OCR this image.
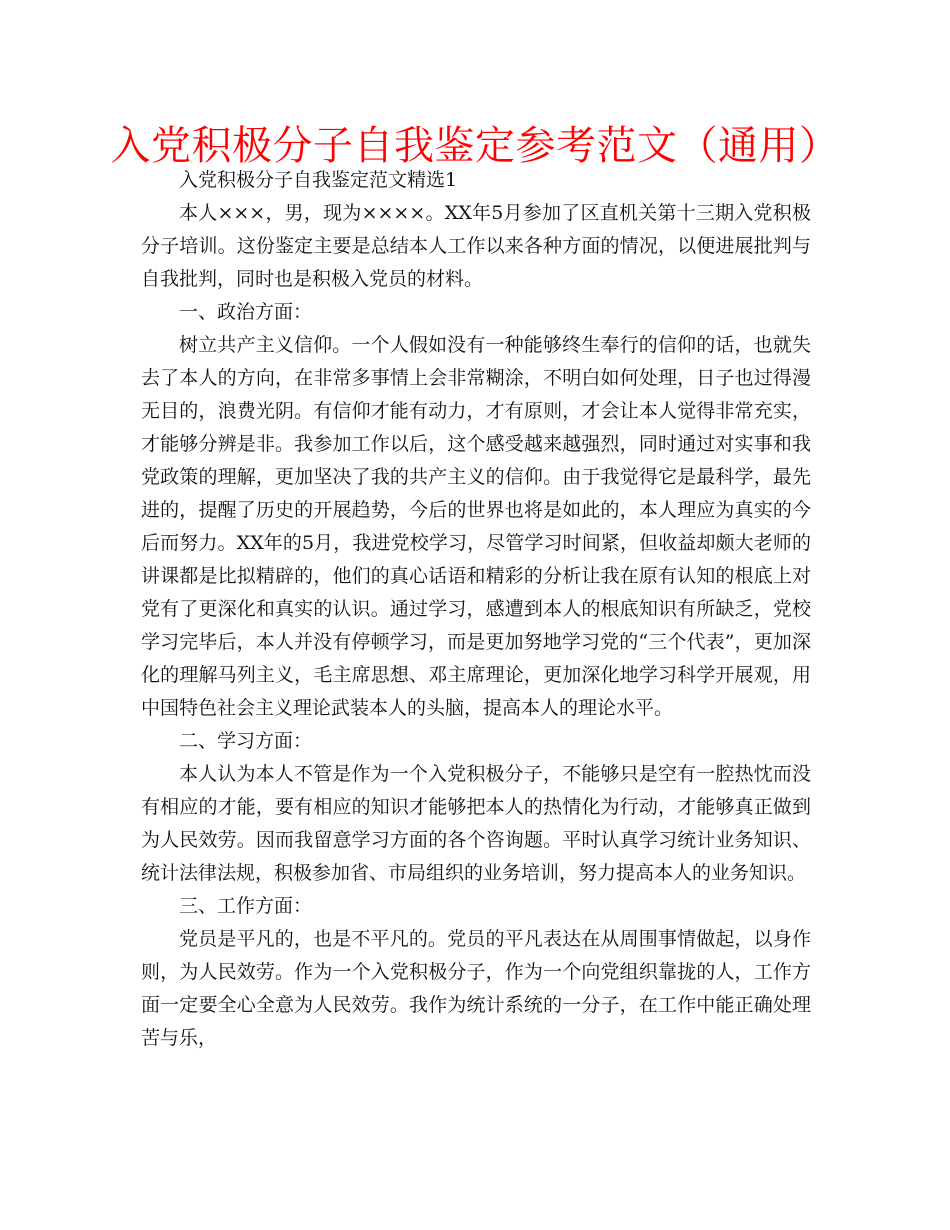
入党积极分子自我鉴定参考范文（通用）

入党积极分子自我鉴定范文精选1

本人×××，男，现为××××。XX年5月参加了区直机关第十三期入党积极分子培训。这份鉴定主要是总结本人工作以来各种方面的情况，以便进展批判与自我批判，同时也是积极入党员的材料。

一、政治方面：

树立共产主义信仰。一个人假如没有一种能够终生奉行的信仰的话，也就失去了本人的方向，在非常多事情上会非常糊涂，不明白如何处理，日子也过得漫无目的，浪费光阴。有信仰才能有动力，才有原则，才会让本人觉得非常充实，才能够分辨是非。我参加工作以后，这个感受越来越强烈，同时通过对实事和我党政策的理解，更加坚决了我的共产主义的信仰。由于我觉得它是最科学，最先进的，提醒了历史的开展趋势，今后的世界也将是如此的，本人理应为真实的今后而努力。XX年的5月，我进党校学习，尽管学习时间紧，但收益却颇大老师的讲课都是比拟精辟的，他们的真心话语和精彩的分析让我在原有认知的根底上对党有了更深化和真实的认识。通过学习，感遭到本人的根底知识有所缺乏，党校学习完毕后，本人并没有停顿学习，而是更加努地学习党的“三个代表”，更加深化的理解马列主义，毛主席思想、邓主席理论，更加深化地学习科学开展观，用中国特色社会主义理论武装本人的头脑，提高本人的理论水平。

二、学习方面：

本人认为本人不管是作为一个入党积极分子，不能够只是空有一腔热忱而没有相应的才能，要有相应的知识才能够把本人的热情化为行动，才能够真正做到为人民效劳。因而我留意学习方面的各个咨询题。平时认真学习统计业务知识、统计法律法规，积极参加省、市局组织的业务培训，努力提高本人的业务知识。

三、工作方面：

党员是平凡的，也是不平凡的。党员的平凡表达在从周围事情做起，以身作则，为人民效劳。作为一个入党积极分子，作为一个向党组织靠拢的人，工作方面一定要全心全意为人民效劳。我作为统计系统的一分子，在工作中能正确处理苦与乐，
